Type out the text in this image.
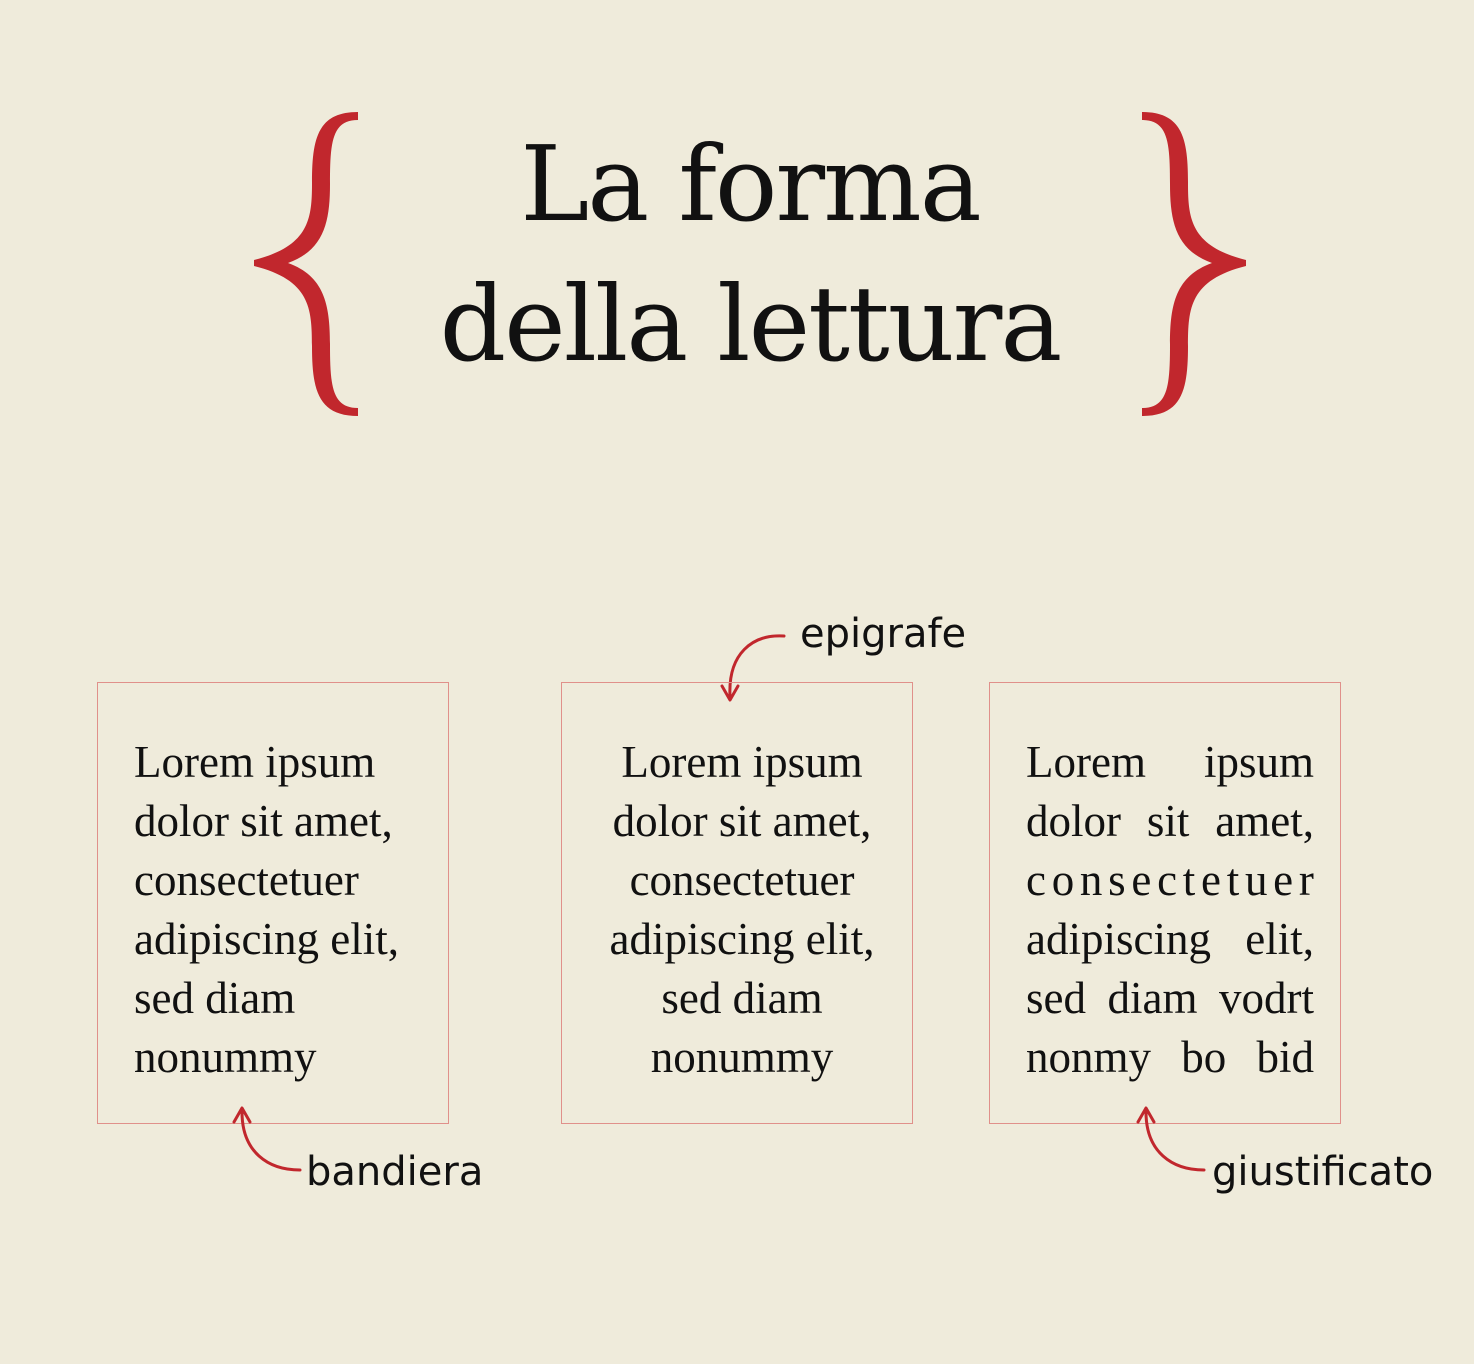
La forma
della lettura
epigrafe
Lorem ipsum
dolor sit amet,
consectetuer
adipiscing elit,
sed diam
nonummy
Lorem ipsum
dolor sit amet,
consectetuer
adipiscing elit,
sed diam
nonummy
Lorem ipsum
dolor sit amet,
c o n s e c t e t u e r
adipiscing elit,
sed diam vodrt
nonmy bo bid
bandiera	giustificato
